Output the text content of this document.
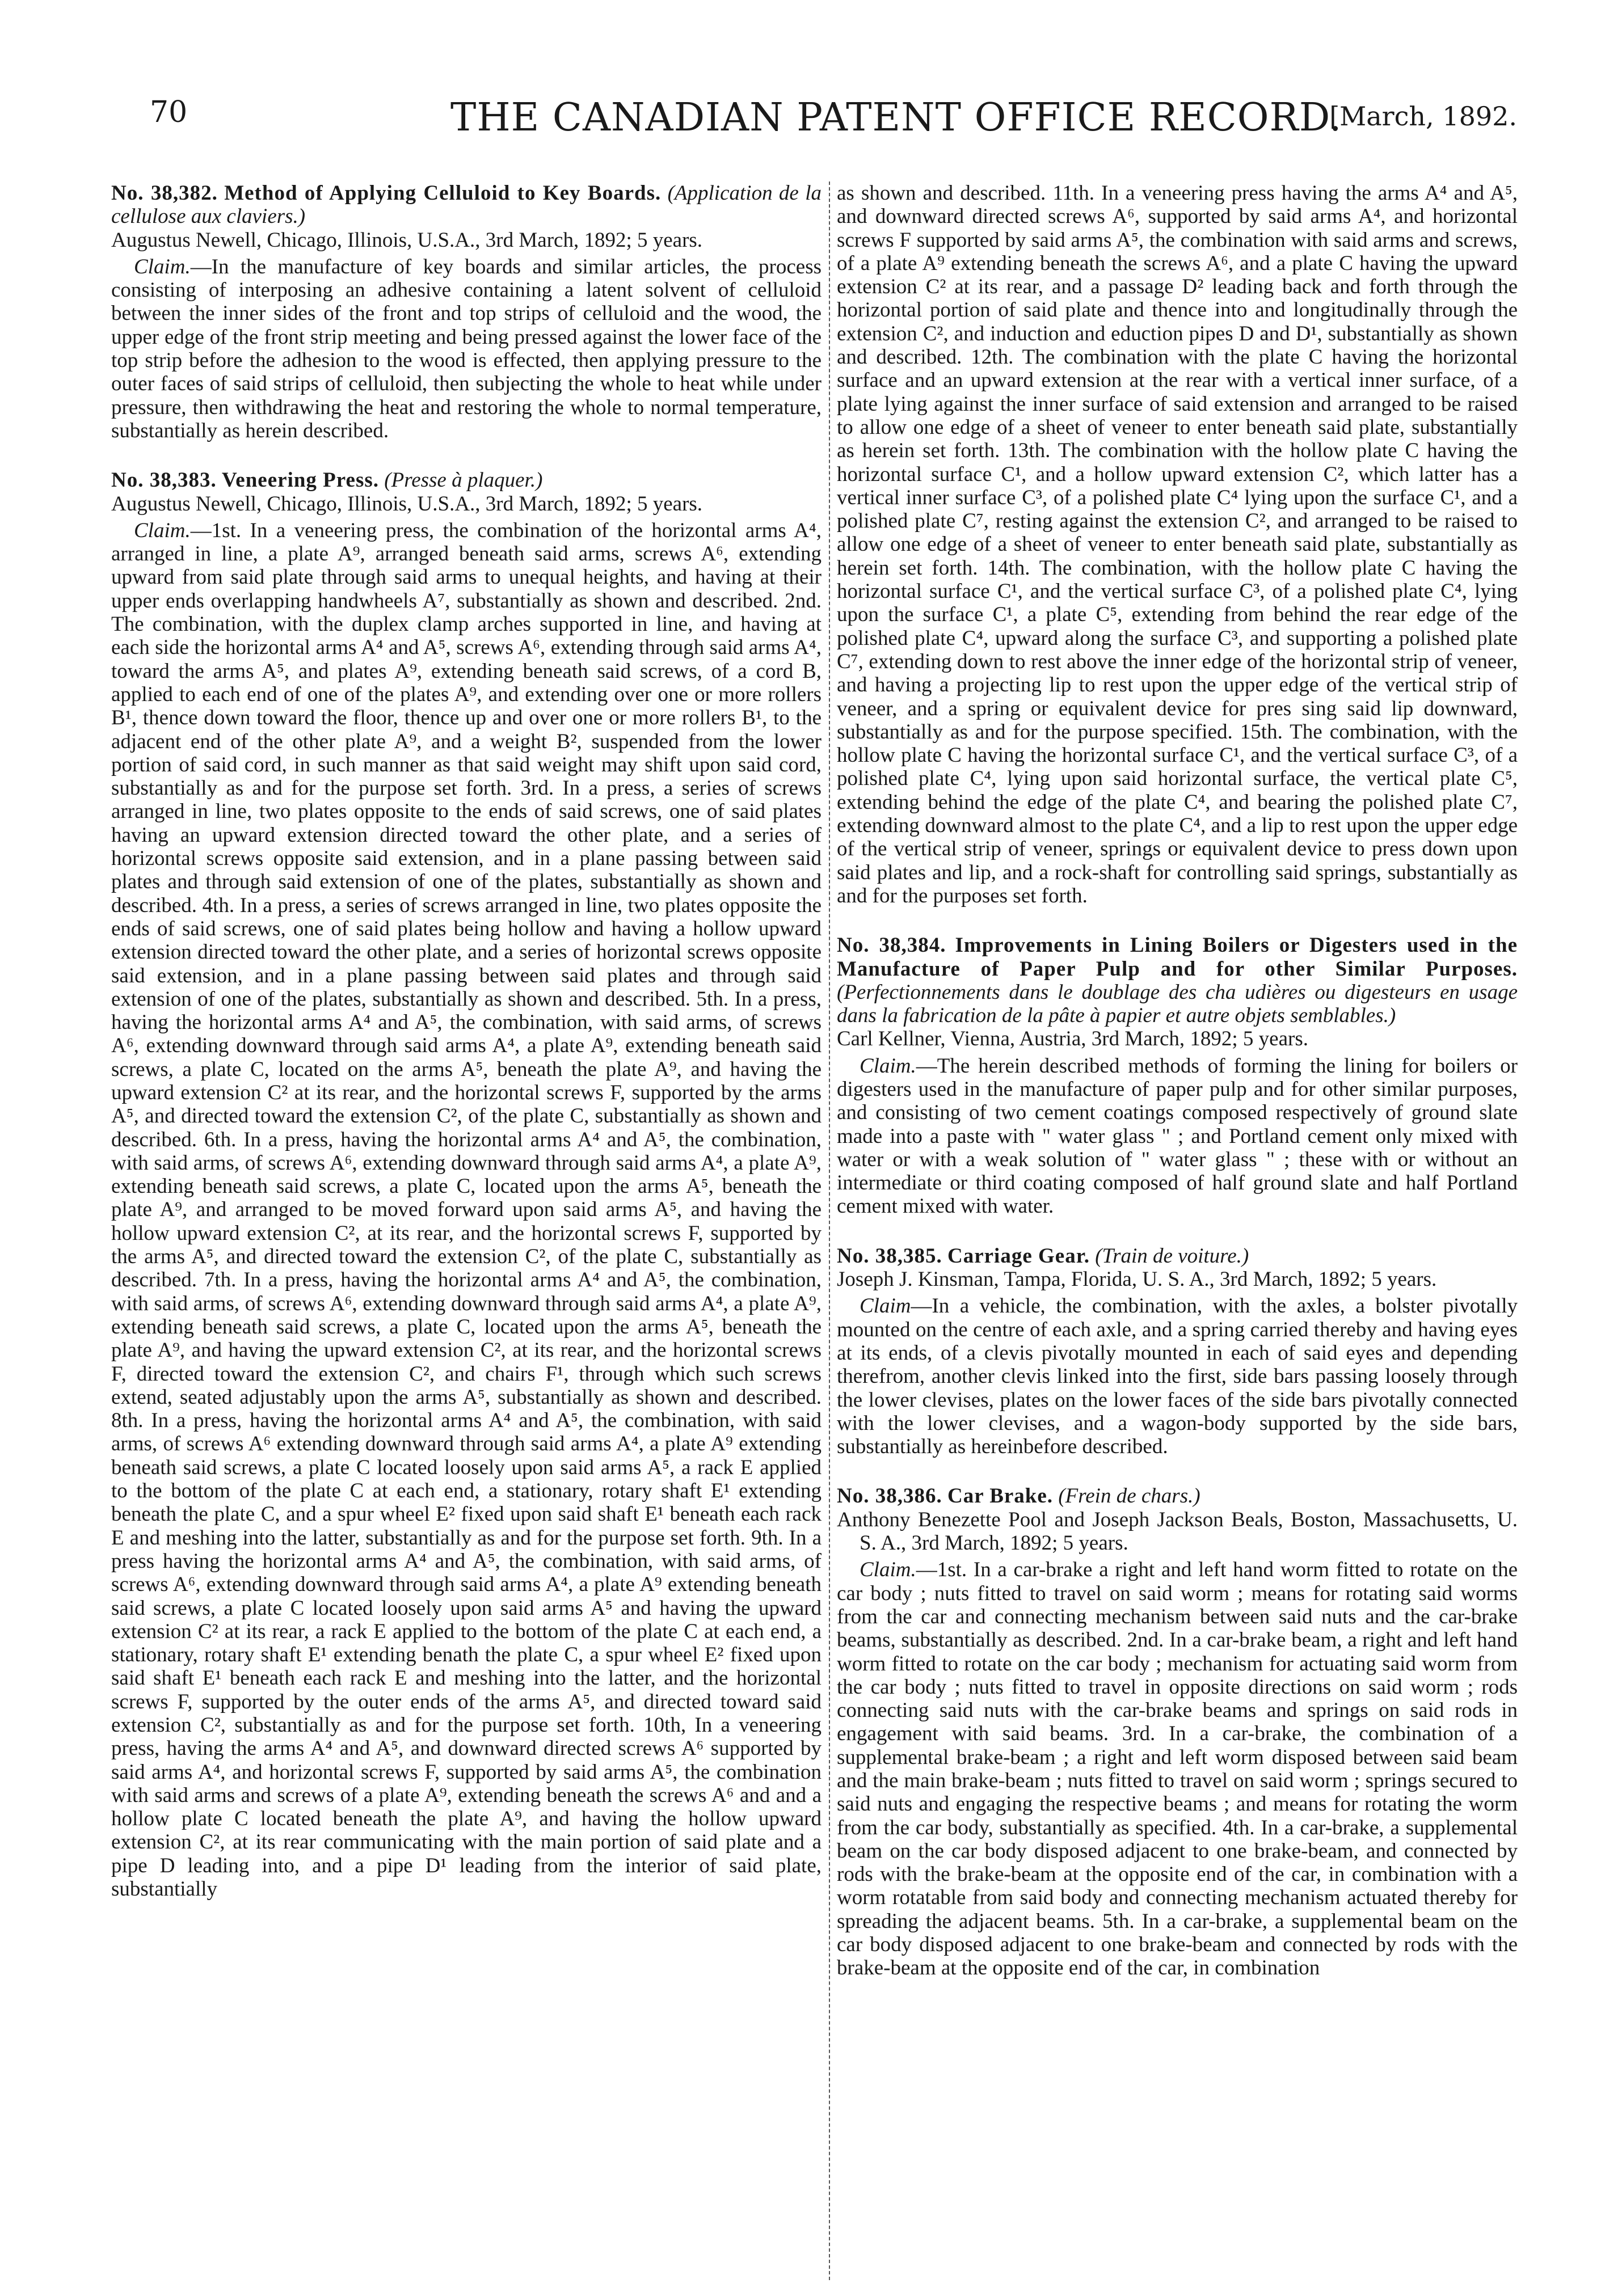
70	THE CANADIAN PATENT OFFICE RECORD.
[March, 1892.

No. 38,382. Method of Applying Celluloid to Key Boards. (Application de la cellulose aux claviers.)

Augustus Newell, Chicago, Illinois, U.S.A., 3rd March, 1892; 5 years.

Claim.—In the manufacture of key boards and similar articles, the process consisting of interposing an adhesive containing a latent solvent of celluloid between the inner sides of the front and top strips of celluloid and the wood, the upper edge of the front strip meeting and being pressed against the lower face of the top strip before the adhesion to the wood is effected, then applying pressure to the outer faces of said strips of celluloid, then subjecting the whole to heat while under pressure, then withdrawing the heat and restoring the whole to normal temperature, substantially as herein described.

No. 38,383. Veneering Press. (Presse à plaquer.)

Augustus Newell, Chicago, Illinois, U.S.A., 3rd March, 1892; 5 years.

Claim.—1st. In a veneering press, the combination of the horizontal arms A⁴, arranged in line, a plate A⁹, arranged beneath said arms, screws A⁶, extending upward from said plate through said arms to unequal heights, and having at their upper ends overlapping handwheels A⁷, substantially as shown and described. 2nd. The combination, with the duplex clamp arches supported in line, and having at each side the horizontal arms A⁴ and A⁵, screws A⁶, extending through said arms A⁴, toward the arms A⁵, and plates A⁹, extending beneath said screws, of a cord B, applied to each end of one of the plates A⁹, and extending over one or more rollers B¹, thence down toward the floor, thence up and over one or more rollers B¹, to the adjacent end of the other plate A⁹, and a weight B², suspended from the lower portion of said cord, in such manner as that said weight may shift upon said cord, substantially as and for the purpose set forth. 3rd. In a press, a series of screws arranged in line, two plates opposite to the ends of said screws, one of said plates having an upward extension directed toward the other plate, and a series of horizontal screws opposite said extension, and in a plane passing between said plates and through said extension of one of the plates, substantially as shown and described. 4th. In a press, a series of screws arranged in line, two plates opposite the ends of said screws, one of said plates being hollow and having a hollow upward extension directed toward the other plate, and a series of horizontal screws opposite said extension, and in a plane passing between said plates and through said extension of one of the plates, substantially as shown and described. 5th. In a press, having the horizontal arms A⁴ and A⁵, the combination, with said arms, of screws A⁶, extending downward through said arms A⁴, a plate A⁹, extending beneath said screws, a plate C, located on the arms A⁵, beneath the plate A⁹, and having the upward extension C² at its rear, and the horizontal screws F, supported by the arms A⁵, and directed toward the extension C², of the plate C, substantially as shown and described. 6th. In a press, having the horizontal arms A⁴ and A⁵, the combination, with said arms, of screws A⁶, extending downward through said arms A⁴, a plate A⁹, extending beneath said screws, a plate C, located upon the arms A⁵, beneath the plate A⁹, and arranged to be moved forward upon said arms A⁵, and having the hollow upward extension C², at its rear, and the horizontal screws F, supported by the arms A⁵, and directed toward the extension C², of the plate C, substantially as described. 7th. In a press, having the horizontal arms A⁴ and A⁵, the combination, with said arms, of screws A⁶, extending downward through said arms A⁴, a plate A⁹, extending beneath said screws, a plate C, located upon the arms A⁵, beneath the plate A⁹, and having the upward extension C², at its rear, and the horizontal screws F, directed toward the extension C², and chairs F¹, through which such screws extend, seated adjustably upon the arms A⁵, substantially as shown and described. 8th. In a press, having the horizontal arms A⁴ and A⁵, the combination, with said arms, of screws A⁶ extending downward through said arms A⁴, a plate A⁹ extending beneath said screws, a plate C located loosely upon said arms A⁵, a rack E applied to the bottom of the plate C at each end, a stationary, rotary shaft E¹ extending beneath the plate C, and a spur wheel E² fixed upon said shaft E¹ beneath each rack E and meshing into the latter, substantially as and for the purpose set forth. 9th. In a press having the horizontal arms A⁴ and A⁵, the combination, with said arms, of screws A⁶, extending downward through said arms A⁴, a plate A⁹ extending beneath said screws, a plate C located loosely upon said arms A⁵ and having the upward extension C² at its rear, a rack E applied to the bottom of the plate C at each end, a stationary, rotary shaft E¹ extending benath the plate C, a spur wheel E² fixed upon said shaft E¹ beneath each rack E and meshing into the latter, and the horizontal screws F, supported by the outer ends of the arms A⁵, and directed toward said extension C², substantially as and for the purpose set forth. 10th, In a veneering press, having the arms A⁴ and A⁵, and downward directed screws A⁶ supported by said arms A⁴, and horizontal screws F, supported by said arms A⁵, the combination with said arms and screws of a plate A⁹, extending beneath the screws A⁶ and and a hollow plate C located beneath the plate A⁹, and having the hollow upward extension C², at its rear communicating with the main portion of said plate and a pipe D leading into, and a pipe D¹ leading from the interior of said plate, substantially

as shown and described. 11th. In a veneering press having the arms A⁴ and A⁵, and downward directed screws A⁶, supported by said arms A⁴, and horizontal screws F supported by said arms A⁵, the combination with said arms and screws, of a plate A⁹ extending beneath the screws A⁶, and a plate C having the upward extension C² at its rear, and a passage D² leading back and forth through the horizontal portion of said plate and thence into and longitudinally through the extension C², and induction and eduction pipes D and D¹, substantially as shown and described. 12th. The combination with the plate C having the horizontal surface and an upward extension at the rear with a vertical inner surface, of a plate lying against the inner surface of said extension and arranged to be raised to allow one edge of a sheet of veneer to enter beneath said plate, substantially as herein set forth. 13th. The combination with the hollow plate C having the horizontal surface C¹, and a hollow upward extension C², which latter has a vertical inner surface C³, of a polished plate C⁴ lying upon the surface C¹, and a polished plate C⁷, resting against the extension C², and arranged to be raised to allow one edge of a sheet of veneer to enter beneath said plate, substantially as herein set forth. 14th. The combination, with the hollow plate C having the horizontal surface C¹, and the vertical surface C³, of a polished plate C⁴, lying upon the surface C¹, a plate C⁵, extending from behind the rear edge of the polished plate C⁴, upward along the surface C³, and supporting a polished plate C⁷, extending down to rest above the inner edge of the horizontal strip of veneer, and having a projecting lip to rest upon the upper edge of the vertical strip of veneer, and a spring or equivalent device for pres sing said lip downward, substantially as and for the purpose specified. 15th. The combination, with the hollow plate C having the horizontal surface C¹, and the vertical surface C³, of a polished plate C⁴, lying upon said horizontal surface, the vertical plate C⁵, extending behind the edge of the plate C⁴, and bearing the polished plate C⁷, extending downward almost to the plate C⁴, and a lip to rest upon the upper edge of the vertical strip of veneer, springs or equivalent device to press down upon said plates and lip, and a rock-shaft for controlling said springs, substantially as and for the purposes set forth.

No. 38,384. Improvements in Lining Boilers or Digesters used in the Manufacture of Paper Pulp and for other Similar Purposes. (Perfectionnements dans le doublage des cha udières ou digesteurs en usage dans la fabrication de la pâte à papier et autre objets semblables.)

Carl Kellner, Vienna, Austria, 3rd March, 1892; 5 years.

Claim.—The herein described methods of forming the lining for boilers or digesters used in the manufacture of paper pulp and for other similar purposes, and consisting of two cement coatings composed respectively of ground slate made into a paste with " water glass " ; and Portland cement only mixed with water or with a weak solution of " water glass " ; these with or without an intermediate or third coating composed of half ground slate and half Portland cement mixed with water.

No. 38,385. Carriage Gear. (Train de voiture.)

Joseph J. Kinsman, Tampa, Florida, U. S. A., 3rd March, 1892; 5 years.

Claim—In a vehicle, the combination, with the axles, a bolster pivotally mounted on the centre of each axle, and a spring carried thereby and having eyes at its ends, of a clevis pivotally mounted in each of said eyes and depending therefrom, another clevis linked into the first, side bars passing loosely through the lower clevises, plates on the lower faces of the side bars pivotally connected with the lower clevises, and a wagon-body supported by the side bars, substantially as hereinbefore described.

No. 38,386. Car Brake. (Frein de chars.)

Anthony Benezette Pool and Joseph Jackson Beals, Boston, Massachusetts, U. S. A., 3rd March, 1892; 5 years.

Claim.—1st. In a car-brake a right and left hand worm fitted to rotate on the car body ; nuts fitted to travel on said worm ; means for rotating said worms from the car and connecting mechanism between said nuts and the car-brake beams, substantially as described. 2nd. In a car-brake beam, a right and left hand worm fitted to rotate on the car body ; mechanism for actuating said worm from the car body ; nuts fitted to travel in opposite directions on said worm ; rods connecting said nuts with the car-brake beams and springs on said rods in engagement with said beams. 3rd. In a car-brake, the combination of a supplemental brake-beam ; a right and left worm disposed between said beam and the main brake-beam ; nuts fitted to travel on said worm ; springs secured to said nuts and engaging the respective beams ; and means for rotating the worm from the car body, substantially as specified. 4th. In a car-brake, a supplemental beam on the car body disposed adjacent to one brake-beam, and connected by rods with the brake-beam at the opposite end of the car, in combination with a worm rotatable from said body and connecting mechanism actuated thereby for spreading the adjacent beams. 5th. In a car-brake, a supplemental beam on the car body disposed adjacent to one brake-beam and connected by rods with the brake-beam at the opposite end of the car, in combination
